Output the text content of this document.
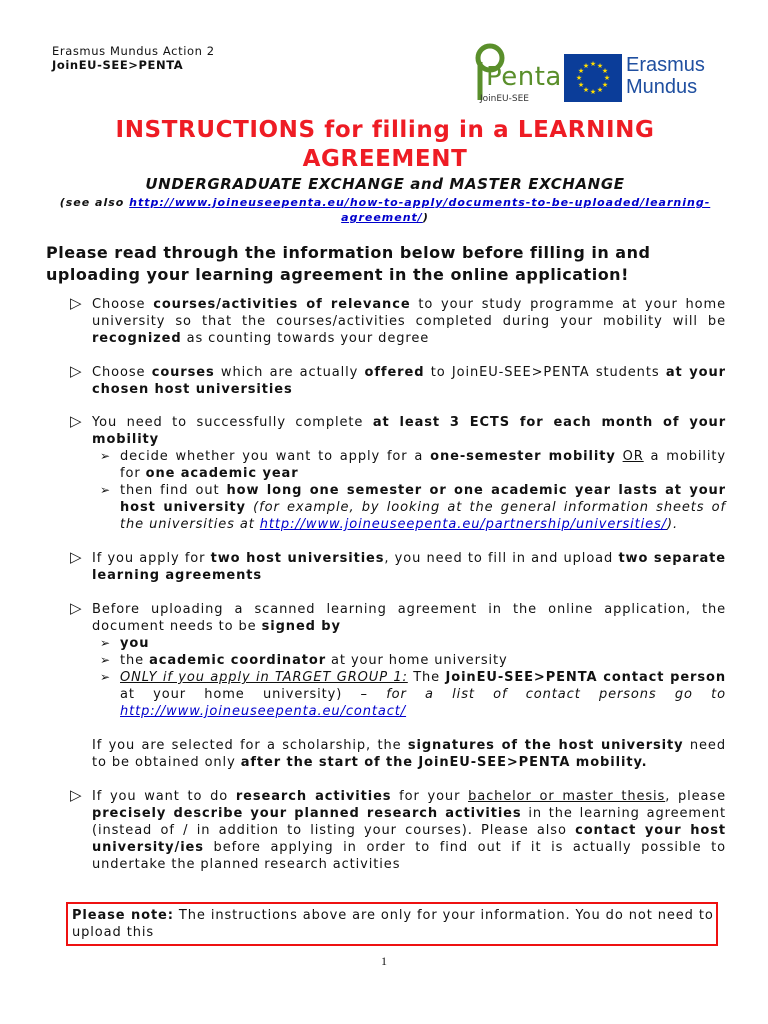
Erasmus Mundus Action 2
JoinEU-SEE>PENTA	Penta
JoinEU-SEE
★ ★
★
★
★
★
★
★
★
★
★
★ Erasmus
Mundus
INSTRUCTIONS for filling in a LEARNING AGREEMENT
UNDERGRADUATE EXCHANGE and MASTER EXCHANGE
(see also http://www.joineuseepenta.eu/how-to-apply/documents-to-be-uploaded/learning-agreement/)
Please read through the information below before filling in and uploading your learning agreement in the online application!
▷ Choose courses/activities of relevance to your study programme at your home university so that the courses/activities completed during your mobility will be recognized as counting towards your degree
▷ Choose courses which are actually offered to JoinEU-SEE>PENTA students at your chosen host universities
▷ You need to successfully complete at least 3 ECTS for each month of your mobility
➢ decide whether you want to apply for a one-semester mobility OR a mobility for one academic year
➢ then find out how long one semester or one academic year lasts at your host university (for example, by looking at the general information sheets of the universities at http://www.joineuseepenta.eu/partnership/universities/).
▷ If you apply for two host universities, you need to fill in and upload two separate learning agreements
▷ Before uploading a scanned learning agreement in the online application, the document needs to be signed by
➢ you
➢ the academic coordinator at your home university
➢ ONLY if you apply in TARGET GROUP 1: The JoinEU-SEE>PENTA contact person at your home university) – for a list of contact persons go to http://www.joineuseepenta.eu/contact/
If you are selected for a scholarship, the signatures of the host university need to be obtained only after the start of the JoinEU-SEE>PENTA mobility.
▷ If you want to do research activities for your bachelor or master thesis, please precisely describe your planned research activities in the learning agreement (instead of / in addition to listing your courses). Please also contact your host university/ies before applying in order to find out if it is actually possible to undertake the planned research activities
Please note: The instructions above are only for your information. You do not need to upload this
1
